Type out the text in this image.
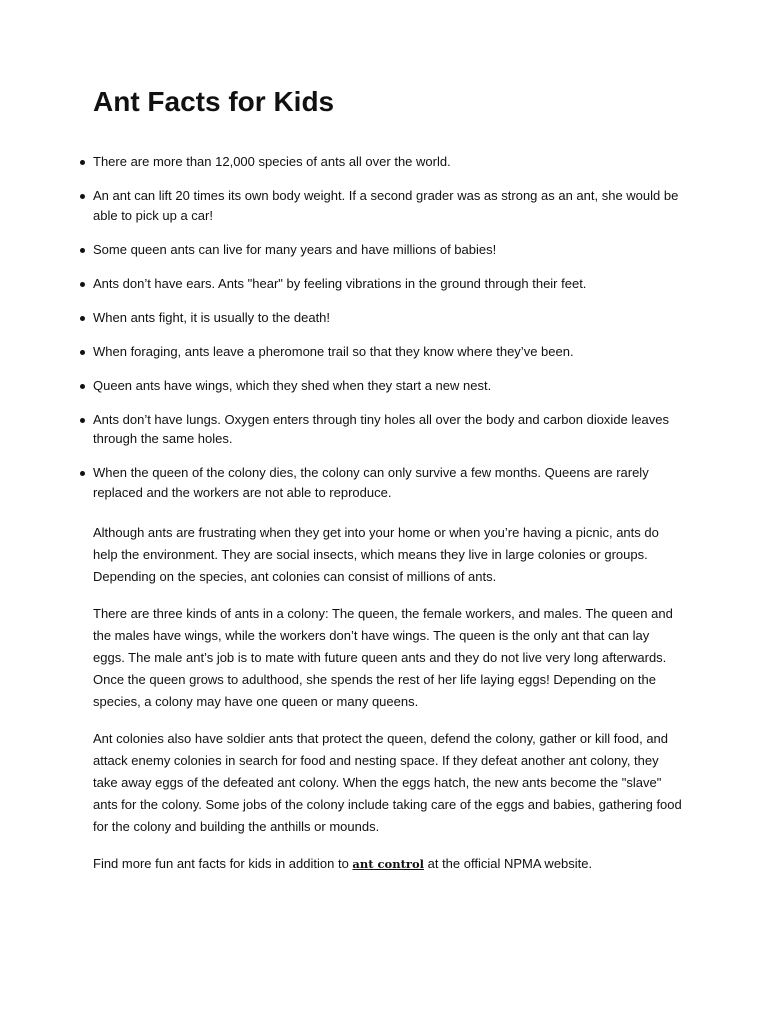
Ant Facts for Kids
There are more than 12,000 species of ants all over the world.
An ant can lift 20 times its own body weight. If a second grader was as strong as an ant, she would be able to pick up a car!
Some queen ants can live for many years and have millions of babies!
Ants don’t have ears. Ants "hear" by feeling vibrations in the ground through their feet.
When ants fight, it is usually to the death!
When foraging, ants leave a pheromone trail so that they know where they’ve been.
Queen ants have wings, which they shed when they start a new nest.
Ants don’t have lungs. Oxygen enters through tiny holes all over the body and carbon dioxide leaves through the same holes.
When the queen of the colony dies, the colony can only survive a few months. Queens are rarely replaced and the workers are not able to reproduce.

Although ants are frustrating when they get into your home or when you’re having a picnic, ants do help the environment. They are social insects, which means they live in large colonies or groups. Depending on the species, ant colonies can consist of millions of ants.

There are three kinds of ants in a colony: The queen, the female workers, and males. The queen and the males have wings, while the workers don’t have wings. The queen is the only ant that can lay eggs. The male ant’s job is to mate with future queen ants and they do not live very long afterwards. Once the queen grows to adulthood, she spends the rest of her life laying eggs! Depending on the species, a colony may have one queen or many queens.

Ant colonies also have soldier ants that protect the queen, defend the colony, gather or kill food, and attack enemy colonies in search for food and nesting space. If they defeat another ant colony, they take away eggs of the defeated ant colony. When the eggs hatch, the new ants become the "slave" ants for the colony. Some jobs of the colony include taking care of the eggs and babies, gathering food for the colony and building the anthills or mounds.

Find more fun ant facts for kids in addition to ant control at the official NPMA website.
